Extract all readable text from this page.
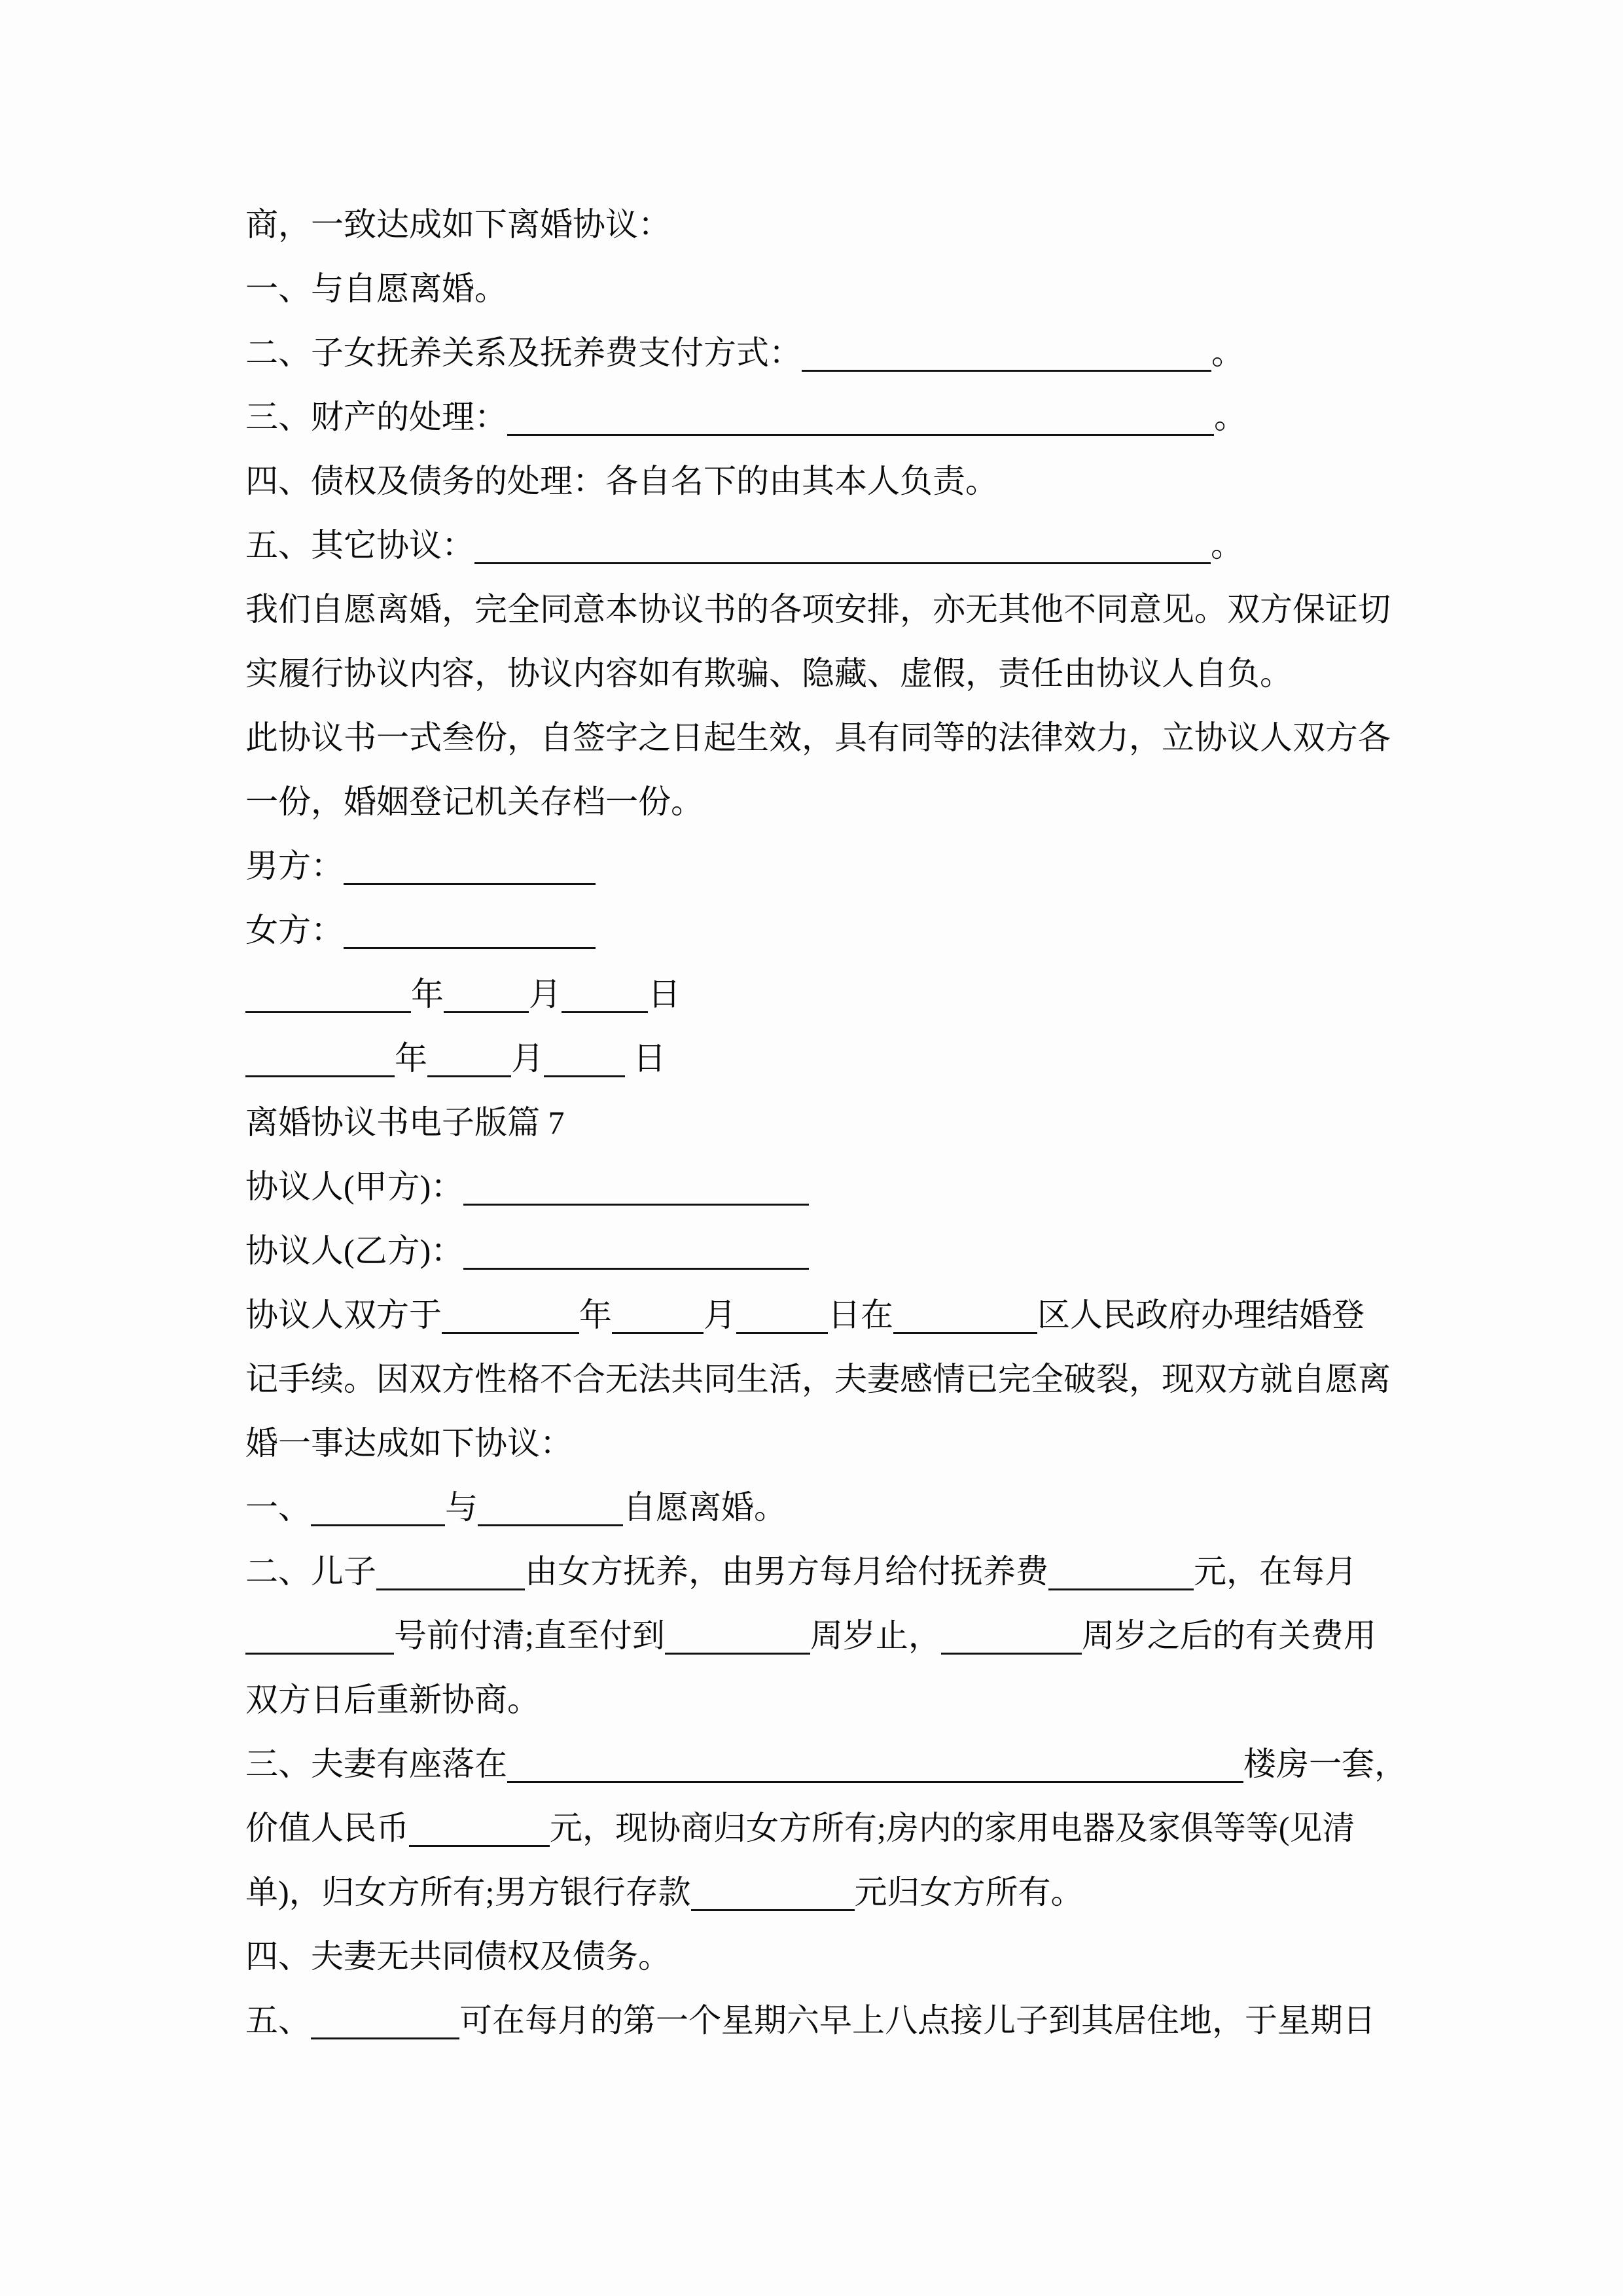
商，一致达成如下离婚协议：
一、与自愿离婚。
二、子女抚养关系及抚养费支付方式：	。
三、财产的处理：	。
四、债权及债务的处理：各自名下的由其本人负责。
五、其它协议：	。
我们自愿离婚，完全同意本协议书的各项安排，亦无其他不同意见。双方保证切
实履行协议内容，协议内容如有欺骗、隐藏、虚假，责任由协议人自负。
此协议书一式叁份，自签字之日起生效，具有同等的法律效力，立协议人双方各
一份，婚姻登记机关存档一份。
男方：
女方：
年	月	日
年	月 日
离婚协议书电子版篇 7
协议人(甲方)：
协议人(乙方)：
协议人双方于	年	月	日在	区人民政府办理结婚登
记手续。因双方性格不合无法共同生活，夫妻感情已完全破裂，现双方就自愿离
婚一事达成如下协议：
一、	与	自愿离婚。
二、儿子	由女方抚养，由男方每月给付抚养费	元，在每月
号前付清;直至付到	周岁止，	周岁之后的有关费用
双方日后重新协商。
三、夫妻有座落在	楼房一套，
价值人民币	元，现协商归女方所有;房内的家用电器及家俱等等(见清
单)，归女方所有;男方银行存款	元归女方所有。
四、夫妻无共同债权及债务。
五、	可在每月的第一个星期六早上八点接儿子到其居住地，于星期日
